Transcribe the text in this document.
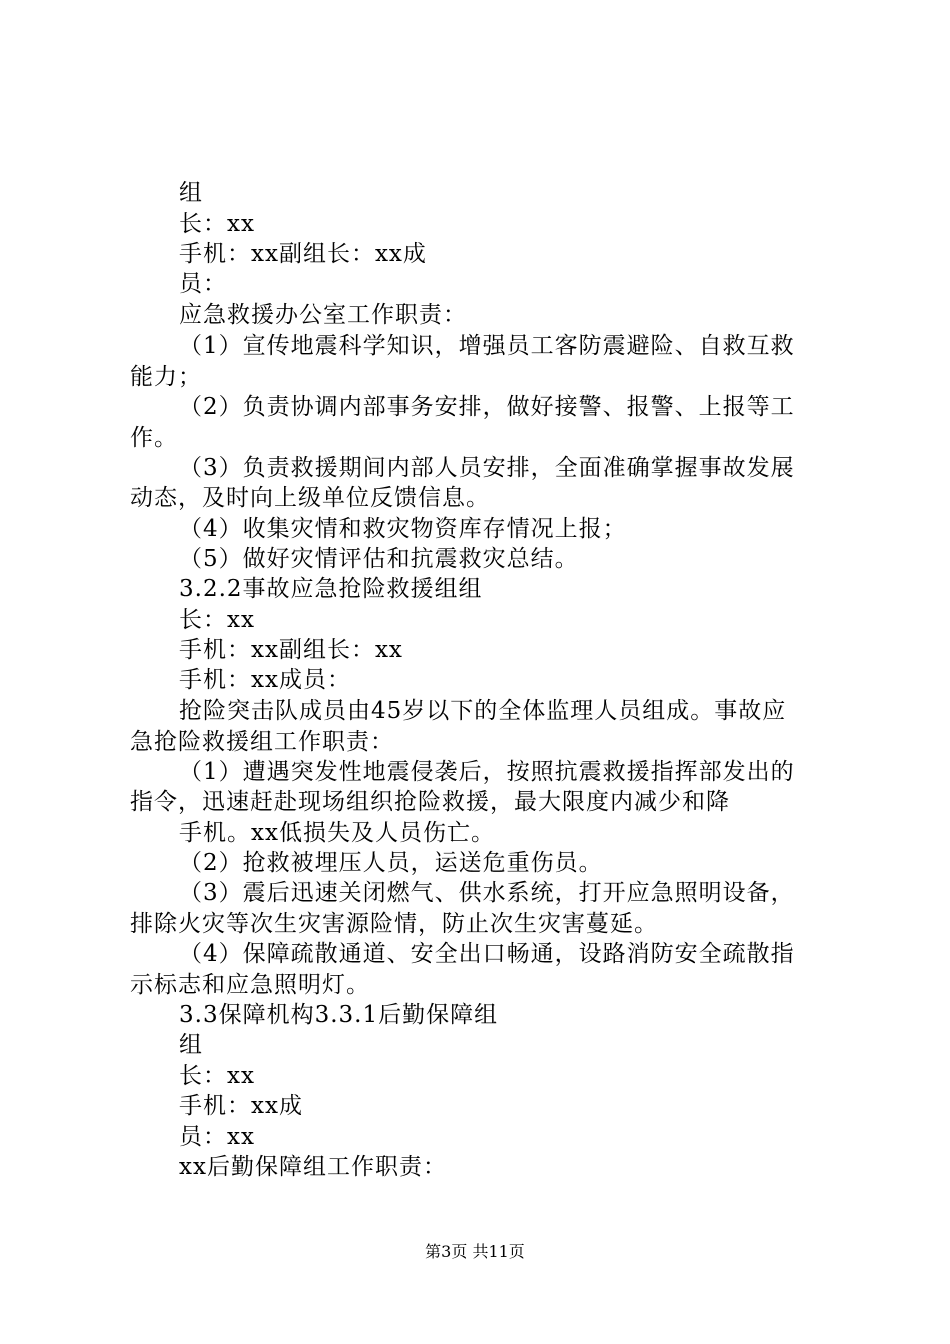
组
长：xx
手机：xx副组长：xx成
员：
应急救援办公室工作职责：
（1）宣传地震科学知识，增强员工客防震避险、自救互救
能力；
（2）负责协调内部事务安排，做好接警、报警、上报等工
作。
（3）负责救援期间内部人员安排，全面准确掌握事故发展
动态，及时向上级单位反馈信息。
（4）收集灾情和救灾物资库存情况上报；
（5）做好灾情评估和抗震救灾总结。
3.2.2事故应急抢险救援组组
长：xx
手机：xx副组长：xx
手机：xx成员：
抢险突击队成员由45岁以下的全体监理人员组成。事故应
急抢险救援组工作职责：
（1）遭遇突发性地震侵袭后，按照抗震救援指挥部发出的
指令，迅速赶赴现场组织抢险救援，最大限度内减少和降
手机。xx低损失及人员伤亡。
（2）抢救被埋压人员，运送危重伤员。
（3）震后迅速关闭燃气、供水系统，打开应急照明设备，
排除火灾等次生灾害源险情，防止次生灾害蔓延。
（4）保障疏散通道、安全出口畅通，设路消防安全疏散指
示标志和应急照明灯。
3.3保障机构3.3.1后勤保障组
组
长：xx
手机：xx成
员：xx
xx后勤保障组工作职责：
第3页 共11页
